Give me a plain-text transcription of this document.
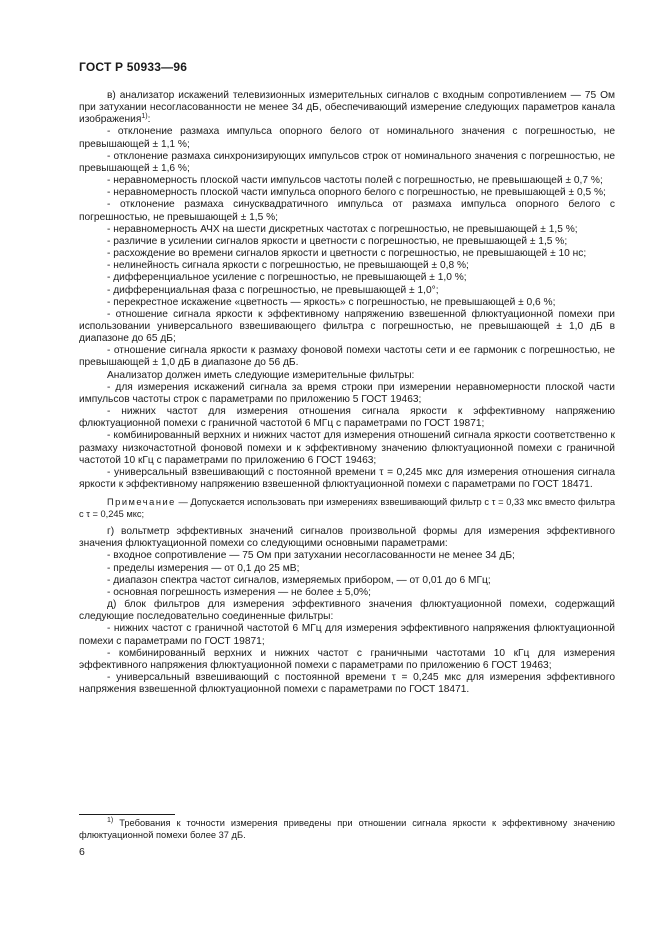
ГОСТ Р 50933—96

в) анализатор искажений телевизионных измерительных сигналов с входным сопротивлением — 75 Ом при затухании несогласованности не менее 34 дБ, обеспечивающий измерение следующих параметров канала изображения$^{1)}$:

- отклонение размаха импульса опорного белого от номинального значения с погрешностью, не превышающей ± 1,1 %;

- отклонение размаха синхронизирующих импульсов строк от номинального значения с погрешностью, не превышающей ± 1,6 %;

- неравномерность плоской части импульсов частоты полей с погрешностью, не превышающей ± 0,7 %;

- неравномерность плоской части импульса опорного белого с погрешностью, не превышающей ± 0,5 %;

- отклонение размаха синусквадратичного импульса от размаха импульса опорного белого с погрешностью, не превышающей ± 1,5 %;

- неравномерность АЧХ на шести дискретных частотах с погрешностью, не превышающей ± 1,5 %;

- различие в усилении сигналов яркости и цветности с погрешностью, не превышающей ± 1,5 %;

- расхождение во времени сигналов яркости и цветности с погрешностью, не превышающей ± 10 нс;

- нелинейность сигнала яркости с погрешностью, не превышающей ± 0,8 %;

- дифференциальное усиление с погрешностью, не превышающей ± 1,0 %;

- дифференциальная фаза с погрешностью, не превышающей ± 1,0°;

- перекрестное искажение «цветность — яркость» с погрешностью, не превышающей ± 0,6 %;

- отношение сигнала яркости к эффективному напряжению взвешенной флюктуационной помехи при использовании универсального взвешивающего фильтра с погрешностью, не превышающей ± 1,0 дБ в диапазоне до 65 дБ;

- отношение сигнала яркости к размаху фоновой помехи частоты сети и ее гармоник с погрешностью, не превышающей ± 1,0 дБ в диапазоне до 56 дБ.

Анализатор должен иметь следующие измерительные фильтры:

- для измерения искажений сигнала за время строки при измерении неравномерности плоской части импульсов частоты строк с параметрами по приложению 5 ГОСТ 19463;

- нижних частот для измерения отношения сигнала яркости к эффективному напряжению флюктуационной помехи с граничной частотой 6 МГц с параметрами по ГОСТ 19871;

- комбинированный верхних и нижних частот для измерения отношений сигнала яркости соответственно к размаху низкочастотной фоновой помехи и к эффективному значению флюктуационной помехи с граничной частотой 10 кГц с параметрами по приложению 6 ГОСТ 19463;

- универсальный взвешивающий с постоянной времени τ = 0,245 мкс для измерения отношения сигнала яркости к эффективному напряжению взвешенной флюктуационной помехи с параметрами по ГОСТ 18471.

Примечание — Допускается использовать при измерениях взвешивающий фильтр с τ = 0,33 мкс вместо фильтра с τ = 0,245 мкс;

г) вольтметр эффективных значений сигналов произвольной формы для измерения эффективного значения флюктуационной помехи со следующими основными параметрами:

- входное сопротивление — 75 Ом при затухании несогласованности не менее 34 дБ;

- пределы измерения — от 0,1 до 25 мВ;

- диапазон спектра частот сигналов, измеряемых прибором, — от 0,01 до 6 МГц;

- основная погрешность измерения — не более ± 5,0%;

д) блок фильтров для измерения эффективного значения флюктуационной помехи, содержащий следующие последовательно соединенные фильтры:

- нижних частот с граничной частотой 6 МГц для измерения эффективного напряжения флюктуационной помехи с параметрами по ГОСТ 19871;

- комбинированный верхних и нижних частот с граничными частотами 10 кГц для измерения эффективного напряжения флюктуационной помехи с параметрами по приложению 6 ГОСТ 19463;

- универсальный взвешивающий с постоянной времени τ = 0,245 мкс для измерения эффективного напряжения взвешенной флюктуационной помехи с параметрами по ГОСТ 18471.

$^{1)}$ Требования к точности измерения приведены при отношении сигнала яркости к эффективному значению флюктуационной помехи более 37 дБ.

6
